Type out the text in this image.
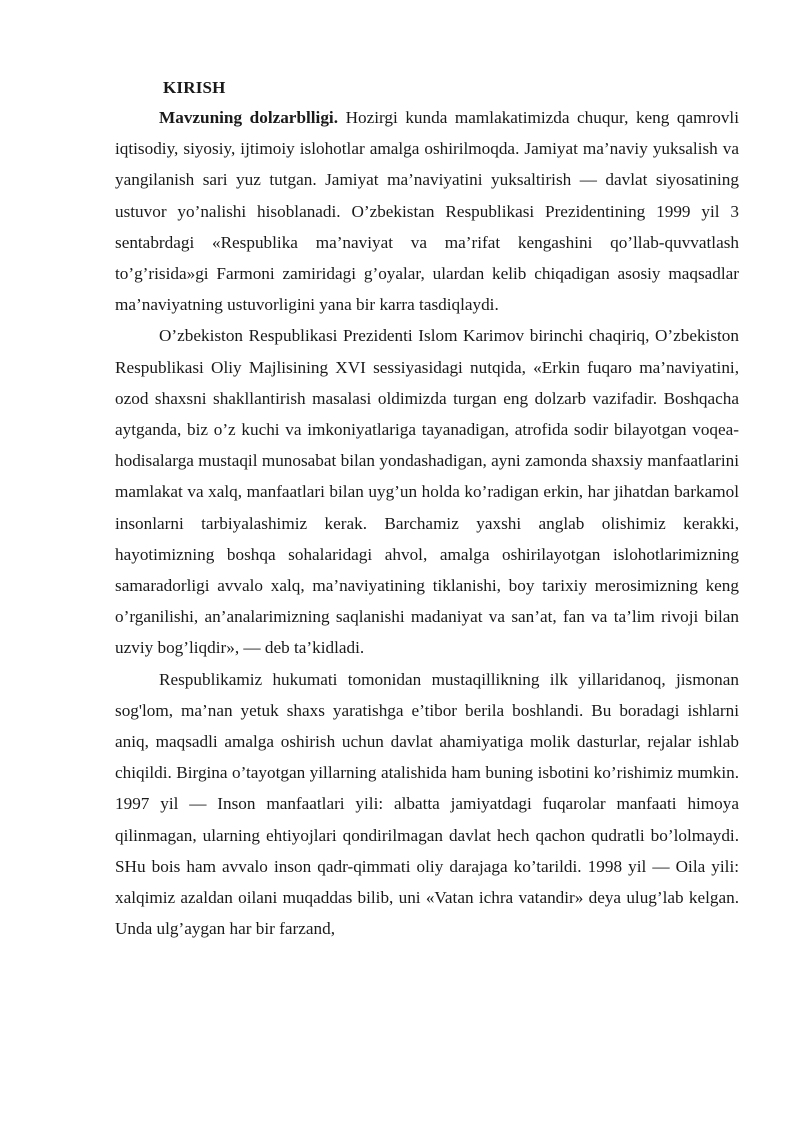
KIRISH

Mavzuning dolzarblligi. Hozirgi kunda mamlakatimizda chuqur, keng qamrovli iqtisodiy, siyosiy, ijtimoiy islohotlar amalga oshirilmoqda. Jamiyat ma’naviy yuksalish va yangilanish sari yuz tutgan. Jamiyat ma’naviyatini yuksaltirish — davlat siyosatining ustuvor yo’nalishi hisoblanadi. O’zbekistan Respublikasi Prezidentining 1999 yil 3 sentabrdagi «Respublika ma’naviyat va ma’rifat kengashini qo’llab-quvvatlash to’g’risida»gi Farmoni zamiridagi g’oyalar, ulardan kelib chiqadigan asosiy maqsadlar ma’naviyatning ustuvorligini yana bir karra tasdiqlaydi.

O’zbekiston Respublikasi Prezidenti Islom Karimov birinchi chaqiriq, O’zbekiston Respublikasi Oliy Majlisining XVI sessiyasidagi nutqida, «Erkin fuqaro ma’naviyatini, ozod shaxsni shakllantirish masalasi oldimizda turgan eng dolzarb vazifadir. Boshqacha aytganda, biz o’z kuchi va imkoniyatlariga tayanadigan, atrofida sodir bilayotgan voqea-hodisalarga mustaqil munosabat bilan yondashadigan, ayni zamonda shaxsiy manfaatlarini mamlakat va xalq, manfaatlari bilan uyg’un holda ko’radigan erkin, har jihatdan barkamol insonlarni tarbiyalashimiz kerak. Barchamiz yaxshi anglab olishimiz kerakki, hayotimizning boshqa sohalaridagi ahvol, amalga oshirilayotgan islohotlarimizning samaradorligi avvalo xalq, ma’naviyatining tiklanishi, boy tarixiy merosimizning keng o’rganilishi, an’analarimizning saqlanishi madaniyat va san’at, fan va ta’lim rivoji bilan uzviy bog’liqdir», — deb ta’kidladi.

Respublikamiz hukumati tomonidan mustaqillikning ilk yillaridanoq, jismonan sog'lom, ma’nan yetuk shaxs yaratishga e’tibor berila boshlandi. Bu boradagi ishlarni aniq, maqsadli amalga oshirish uchun davlat ahamiyatiga molik dasturlar, rejalar ishlab chiqildi. Birgina o’tayotgan yillarning atalishida ham buning isbotini ko’rishimiz mumkin. 1997 yil — Inson manfaatlari yili: albatta jamiyatdagi fuqarolar manfaati himoya qilinmagan, ularning ehtiyojlari qondirilmagan davlat hech qachon qudratli bo’lolmaydi. SHu bois ham avvalo inson qadr-qimmati oliy darajaga ko’tarildi. 1998 yil — Oila yili: xalqimiz azaldan oilani muqaddas bilib, uni «Vatan ichra vatandir» deya ulug’lab kelgan. Unda ulg’aygan har bir farzand,
